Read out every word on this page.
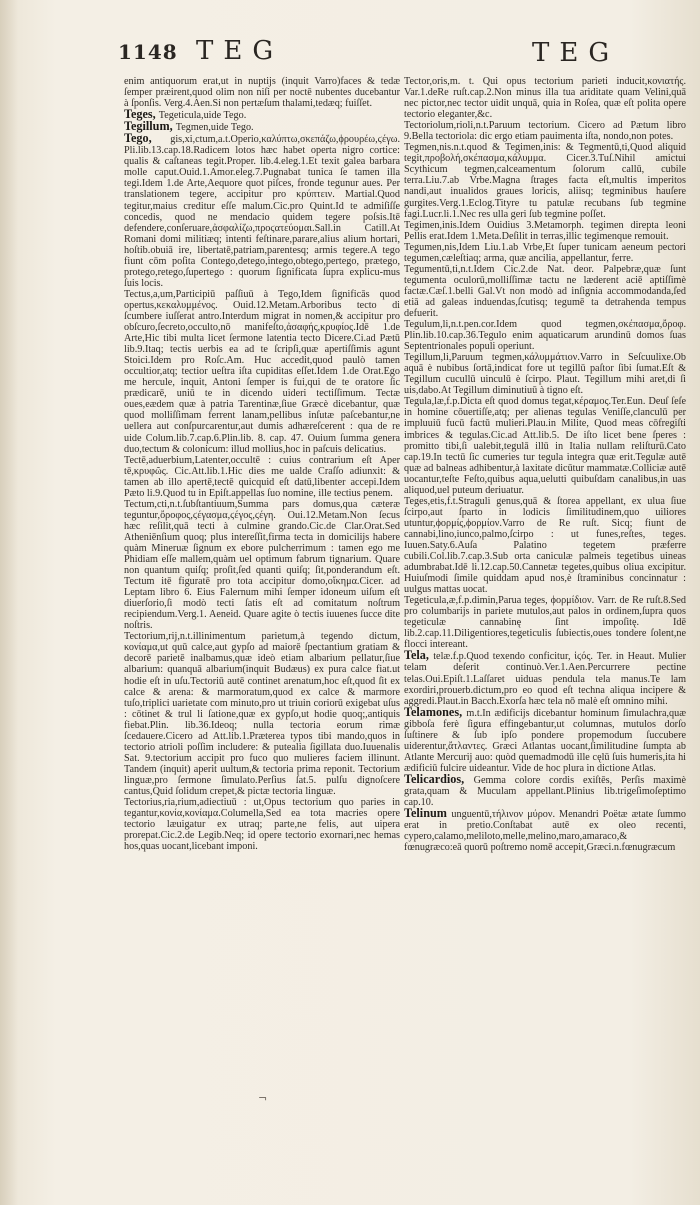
1148 TEG	TEG
enim antiquorum erat,ut in nuptijs (inquit Varro)faces & tedæ ſemper præirent,quod olim non niſi per noctē nubentes ducebantur à ſponſis. Verg.4.Aen.Si non pertæſum thalami,tedæq; fuiſſet.
Teges, Tegeticula,uide Tego.
Tegillum, Tegmen,uide Tego.
Tego, gis,xi,ctum,a.t.Operio,καλύπτω,σκεπάζω,ϕρουρέω,ϛέγω. Pli.lib.13.cap.18.Radicem lotos hæc habet operta nigro cortice: qualis & caſtaneas tegit.Proper. lib.4.eleg.1.Et texit galea barbara molle caput.Ouid.1.Amor.eleg.7.Pugnabat tunica ſe tamen illa tegi.Idem 1.de Arte,Aequore quot piſces, fronde tegunur aues. Per translationem tegere, accipitur pro κρύπτειν. Martial.Quod tegitur,maius creditur eſſe malum.Cic.pro Quint.Id te admiſiſſe concedis, quod ne mendacio quidem tegere poſsis.Itē defendere,conſeruare,ἀσφαλίζω,προϛατεύομαι.Sall.in Catill.At Romani domi militiæq; intenti feſtinare,parare,alius alium hortari, hoſtib.obuiā ire, libertatē,patriam,parentesq; armis tegere.A tego fiunt cōm poſita Contego,detego,intego,obtego,pertego, prætego, protego,retego,ſupertego : quorum ſignificata ſupra explicu-mus ſuis locis.
Tectus,a,um,Participiū paſſiuū à Tego,Idem ſignificās quod opertus,κεκαλυμμένος. Ouid.12.Metam.Arboribus tecto di ſcumbere iuſſerat antro.Interdum migrat in nomen,& accipitur pro obſcuro,ſecreto,occulto,nō manifeſto,ἀσαφής,κρυφίος.Idē 1.de Arte,Hic tibi multa licet ſermone latentia tecto Dicere.Ci.ad Pætū lib.9.Itaq; tectis uerbis ea ad te ſcripſi,quæ apertiſſimis agunt Stoici.Idem pro Roſc.Am. Huc accedit,quod paulò tamen occultior,atq; tectior ueſtra iſta cupiditas eſſet.Idem 1.de Orat.Ego me hercule, inquit, Antoni ſemper is fui,qui de te oratore ſic prædicarē, uniū te in dicendo uideri tectiſſimum. Tectæ oues,eædem quæ à patria Tarentinæ,ſiue Græcè dicebantur, quæ quod molliſſimam ferrent lanam,pellibus inſutæ paſcebantur,ne uellera aut conſpurcarentur,aut dumis adhæreſcerent : qua de re uide Colum.lib.7.cap.6.Plin.lib. 8. cap. 47. Ouium ſumma genera duo,tectum & colonicum: illud mollius,hoc in paſcuis delicatius.
Tectē,aduerbium,Latenter,occultē : cuius contrarium eſt Aper tē,κρυφῶς. Cic.Att.lib.1.Hic dies me ualde Craſſo adiunxit: & tamen ab illo apertē,tectē quicquid eſt datū,libenter accepi.Idem Pæto li.9.Quod tu in Epiſt.appellas ſuo nomine, ille tectius penem.
Tectum,cti,n.t.ſubſtantiuum,Summa pars domus,qua cæteræ teguntur,ὄροφος,ϛέγασμα,ϛέγος,ϛέγη. Oui.12.Metam.Non ſecus hæc reſilit,quā tecti à culmine grando.Cic.de Clar.Orat.Sed Atheniēnſium quoq; plus intereſſit,firma tecta in domicilijs habere quàm Mineruæ ſignum ex ebore pulcherrimum : tamen ego me Phidiam eſſe mallem,quàm uel optimum fabrum tignarium. Quare non quantum quiſq; proſit,ſed quanti quiſq; ſit,ponderandum eſt. Tectum itē figuratē pro tota accipitur domo,οἴκημα.Cicer. ad Leptam libro 6. Eius Falernum mihi ſemper idoneum uiſum eſt diuerſorio,ſi modò tecti ſatis eſt ad comitatum noſtrum recipiendum.Verg.1. Aeneid. Quare agite ò tectis iuuenes ſucce dite noſtris.
Tectorium,rij,n.t.illinimentum parietum,à tegendo dictum, κονίαμα,ut quū calce,aut gypſo ad maiorē ſpectantium gratiam & decorē parietē inalbamus,quæ ideò etiam albarium pellatur,ſiue albarium: quanquā albarium(inquit Budæus) ex pura calce fiat.ut hodie eſt in uſu.Tectoriū autē continet arenatum,hoc eſt,quod ſit ex calce & arena: & marmoratum,quod ex calce & marmore tuſo,triplici uarietate com minuto,pro ut triuin coriorū exigebat uſus : cōtinet & trul li ſatione,quæ ex gypſo,ut hodie quoq;,antiquis fiebat.Plin. lib.36.Ideoq; nulla tectoria eorum rimæ ſcedauere.Cicero ad Att.lib.1.Præterea typos tibi mando,quos in tectorio atrioli poſſim includere: & putealia ſigillata duo.Iuuenalis Sat. 9.tectorium accipit pro fuco quo mulieres faciem illinunt. Tandem (inquit) aperit uultum,& tectoria prima reponit. Tectorium linguæ,pro ſermone ſimulato.Perſius ſat.5. pulſu dignoſcere cantus,Quid ſolidum crepet,& pictæ tectoria linguæ.
Tectorius,ria,rium,adiectiuū : ut,Opus tectorium quo paries in tegantur,κονία,κονίαμα.Columella,Sed ea tota macries opere tectorio læuigatur ex utraq; parte,ne felis, aut uipera prorepat.Cic.2.de Legib.Neq; id opere tectorio exornari,nec hemas hos,quas uocant,licebant imponi.
Tector,oris,m. t. Qui opus tectorium parieti inducit,κονιατής. Var.1.deRe ruſt.cap.2.Non minus illa tua ariditate quam Velini,quā nec pictor,nec tector uidit unquā, quia in Roſea, quæ eſt polita opere tectorio eleganter,&c.
Tectoriolum,rioli,n.t.Paruum tectorium. Cicero ad Pætum libro 9.Bella tectoriola: dic ergo etiam pauimenta iſta, nondo,non potes.
Tegmen,nis.n.t.quod & Tegimen,inis: & Tegmentū,ti,Quod aliquid tegit,προβολή,σκέπασμα,κάλυμμα. Cicer.3.Tuſ.Nihil amictui Scythicum tegmen,calceamentum ſolorum callū, cubile terra.Liu.7.ab Vrbe.Magna ſtrages facta eſt,multis imperitos nandi,aut inualidos graues loricis, aliisq; tegminibus hauſere gurgites.Verg.1.Eclog.Tityre tu patulæ recubans ſub tegmine fagi.Lucr.li.1.Nec res ulla geri ſub tegmine poſſet.
Tegimen,inis.Idem Ouidius 3.Metamorph. tegimen direpta leoni Pellis erat.Idem 1.Meta.Deſilit in terras,illic tegimenque remouit.
Tegumen,nis,Idem Liu.1.ab Vrbe,Et ſuper tunicam aeneum pectori tegumen,cæleſtiaq; arma, quæ ancilia, appellantur, ferre.
Tegumentū,ti,n.t.Idem Cic.2.de Nat. deor. Palpebræ,quæ ſunt tegumenta oculorū,molliſſimæ tactu ne læderent aciē aptiſſimè factæ.Cæſ.1.belli Gal.Vt non modò ad inſignia accommodanda,ſed etiā ad galeas induendas,ſcutisq; tegumē ta detrahenda tempus defuerit.
Tegulum,li,n.t.pen.cor.Idem quod tegmen,σκέπασμα,ὄροφ. Plin.lib.10.cap.36.Tegulo enim aquaticarum arundinū domos ſuas Septentrionales populi operiunt.
Tegillum,li,Paruum tegmen,κάλυμμάτιον.Varro in Seſcuulixe.Ob aquā è nubibus ſortā,indicat fore ut tegillū paſtor ſibi ſumat.Eſt & Tegillum cucullū uinculū è ſcirpo. Plaut. Tegillum mihi aret,di ſi uis,dabo.At Tegillum diminutiuū à tigno eſt.
Tegula,læ,f.p.Dicta eſt quod domus tegat,κέραμος.Ter.Eun. Deuſ ſeſe in homine cōuertiſſe,atq; per alienas tegulas Veniſſe,clanculū per impluuiū fucū factū mulieri.Plau.in Milite, Quod meas cōfregiſti imbrices & tegulas.Cic.ad Att.lib.5. De iſto licet bene ſperes : promitto tibi,ſi ualebit,tegulā illū in Italia nullam reliſturū.Cato cap.19.In tectū ſic cumeries tur tegula integra quæ erit.Tegulæ autē quæ ad balneas adhibentur,à laxitate dicūtur mammatæ.Colliciæ autē uocantur,teſte Feſto,quibus aqua,uelutti quibuſdam canalibus,in uas aliquod,uel puteum deriuatur.
Teges,etis,f.t.Straguli genus,quā & ſtorea appellant, ex ulua ſiue ſcirpo,aut ſparto in lodicis ſimilitudinem,quo uiliores utuntur,ϕορμίς,ϕορμίον.Varro de Re ruſt. Sicq; fiunt de cannabi,lino,iunco,palmo,ſcirpo : ut funes,reſtes, teges. Iuuen.Saty.6.Auſa Palatino tegetem præferre cubili.Col.lib.7.cap.3.Sub orta caniculæ palmeis tegetibus uineas adumbrabat.Idē li.12.cap.50.Cannetæ tegetes,quibus oliua excipitur. Huiuſmodi ſimile quiddam apud nos,è ſtraminibus concinnatur : uulgus mattas uocat.
Tegeticula,æ,f.p.dimin,Parua teges, ϕορμίδιον. Varr. de Re ruſt.8.Sed pro columbarijs in pariete mutulos,aut palos in ordinem,ſupra quos tegeticulæ cannabinę ſint impoſitę. Idē lib.2.cap.11.Diligentiores,tegeticulis ſubiectis,oues tondere ſolent,ne flocci intereant.
Tela, telæ.f.p.Quod texendo conficitur, ἱϛός. Ter. in Heaut. Mulier telam deſerit continuò.Ver.1.Aen.Percurrere pectine telas.Oui.Epiſt.1.Laſſaret uiduas pendula tela manus.Te lam exordiri,prouerb.dictum,pro eo quod eſt techna aliqua incipere & aggredi.Plaut.in Bacch.Exorſa hæc tela nō malè eſt omnino mihi.
Telamones, m.t.In ædificijs dicebantur hominum ſimulachra,quæ gibboſa ferè ſigura effingebantur,ut columnas, mutulos dorſo ſuſtinere & ſub ipſo pondere propemodum ſuccubere uiderentur,ἄτλαντες. Græci Atlantas uocant,ſimilitudine ſumpta ab Atlante Mercurij auo: quòd quemadmodū ille cęlū ſuis humeris,ita hi ædificiū fulcire uideantur. Vide de hoc plura in dictione Atlas.
Telicardios, Gemma colore cordis exiſtēs, Perſis maximè grata,quam & Muculam appellant.Plinius lib.trigeſimoſeptimo cap.10.
Telinum unguentū,τήλινον μύρον. Menandri Poëtæ ætate ſummo erat in pretio.Conſtabat autē ex oleo recenti, cypero,calamo,meliloto,melle,melino,maro,amaraco,& fœnugræco:eā quorū poſtremo nomē accepit,Græci.n.fœnugræcum
¬
